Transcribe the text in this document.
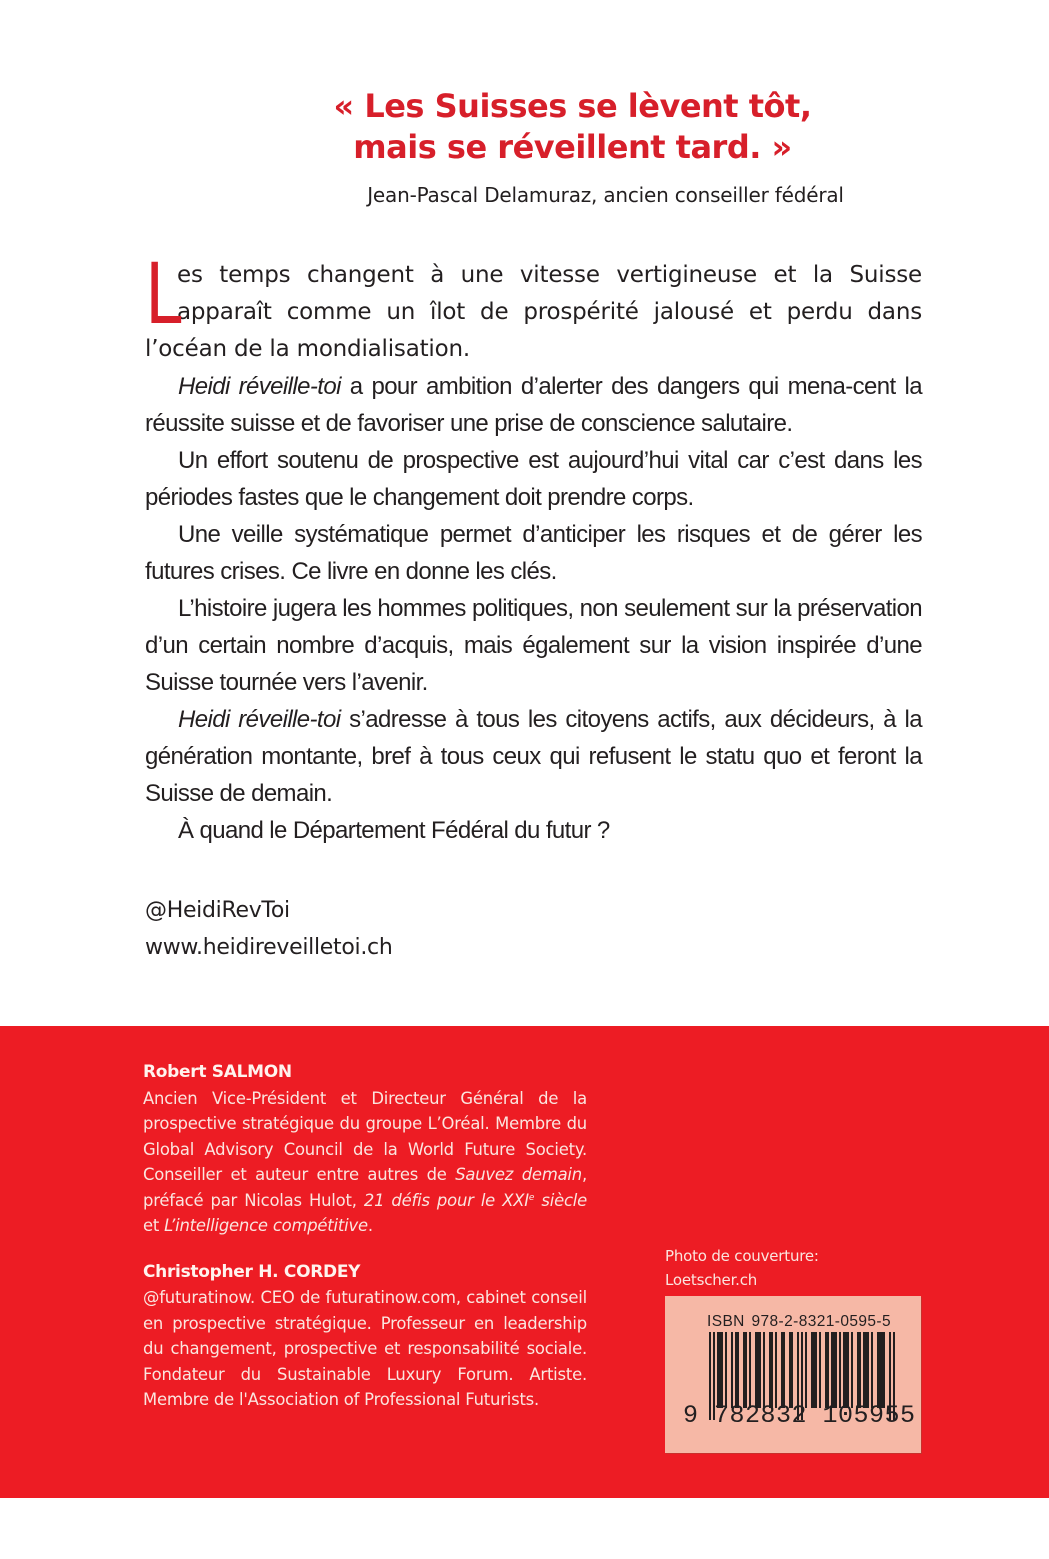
« Les Suisses se lèvent tôt,
mais se réveillent tard. »
Jean-Pascal Delamuraz, ancien conseiller fédéral

L
es temps changent à une vitesse vertigineuse et la Suisse apparaît comme un îlot de prospérité jalousé et perdu dans l’océan de la mondialisation.

Heidi réveille-toi a pour ambition d’alerter des dangers qui mena-cent la réussite suisse et de favoriser une prise de conscience salutaire.

Un effort soutenu de prospective est aujourd’hui vital car c’est dans les périodes fastes que le changement doit prendre corps.

Une veille systématique permet d’anticiper les risques et de gérer les futures crises. Ce livre en donne les clés.

L’histoire jugera les hommes politiques, non seulement sur la préservation d’un certain nombre d’acquis, mais également sur la vision inspirée d’une Suisse tournée vers l’avenir.

Heidi réveille-toi s’adresse à tous les citoyens actifs, aux décideurs, à la génération montante, bref à tous ceux qui refusent le statu quo et feront la Suisse de demain.

À quand le Département Fédéral du futur ?

@HeidiRevToi
www.heidireveilletoi.ch
Robert SALMON
Ancien Vice-Président et Directeur Général de la prospective stratégique du groupe L’Oréal. Membre du Global Advisory Council de la World Future Society. Conseiller et auteur entre autres de Sauvez demain, préfacé par Nicolas Hulot, 21 défis pour le XXIe siècle et L’intelligence compétitive.
Christopher H. CORDEY
@futuratinow. CEO de futuratinow.com, cabinet conseil en prospective stratégique. Professeur en leadership du changement, prospective et responsabilité sociale. Fondateur du Sustainable Luxury Forum. Artiste. Membre de l'Association of Professional Futurists.
Photo de couverture:
Loetscher.ch
ISBN 978-2-8321-0595-5
9 782832 105955
